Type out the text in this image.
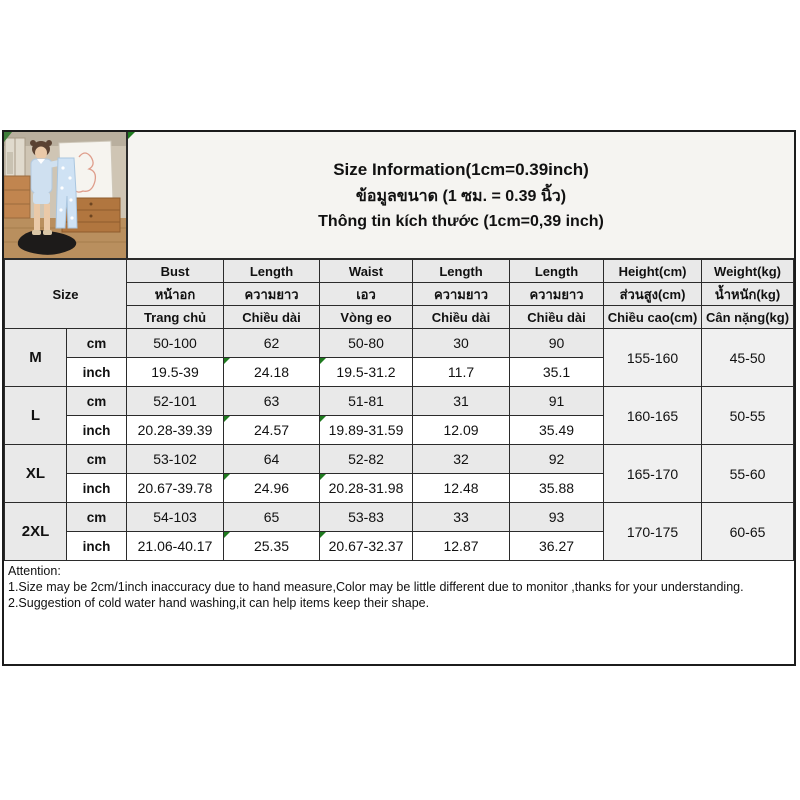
Size Information(1cm=0.39inch)
ข้อมูลขนาด (1 ซม. = 0.39 นิ้ว)
Thông tin kích thước (1cm=0,39 inch)
Size		Bust	Length	Waist	Length	Length	Height(cm)	Weight(kg)
		หน้าอก	ความยาว	เอว	ความยาว	ความยาว	ส่วนสูง(cm)	น้ำหนัก(kg)
		Trang chủ	Chiều dài	Vòng eo	Chiều dài	Chiều dài	Chiều cao(cm)	Cân nặng(kg)
M	cm	50-100	62	50-80	30	90	155-160	45-50
	inch	19.5-39	24.18	19.5-31.2	11.7	35.1		
L	cm	52-101	63	51-81	31	91	160-165	50-55
	inch	20.28-39.39	24.57	19.89-31.59	12.09	35.49		
XL	cm	53-102	64	52-82	32	92	165-170	55-60
	inch	20.67-39.78	24.96	20.28-31.98	12.48	35.88		
2XL	cm	54-103	65	53-83	33	93	170-175	60-65
	inch	21.06-40.17	25.35	20.67-32.37	12.87	36.27		
Attention:
1.Size may be 2cm/1inch inaccuracy due to hand measure,Color may be little different due to monitor ,thanks for your understanding.
2.Suggestion of cold water hand washing,it can help items keep their shape.
